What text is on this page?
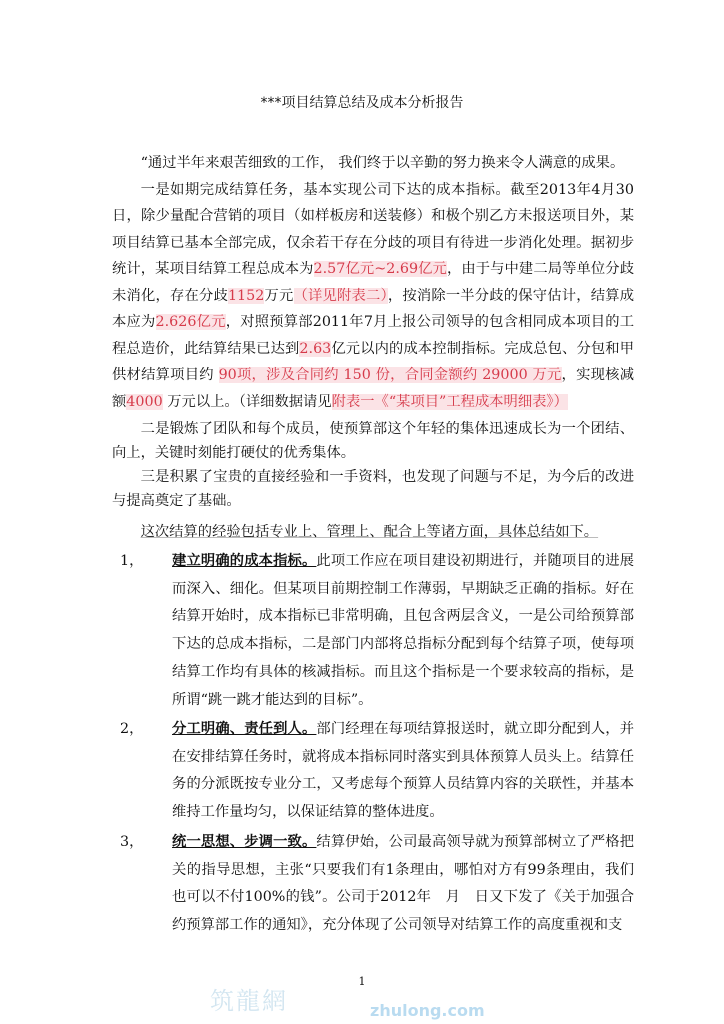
***项目结算总结及成本分析报告

“通过半年来艰苦细致的工作， 我们终于以辛勤的努力换来令人满意的成果。

一是如期完成结算任务，基本实现公司下达的成本指标。截至2013年4月30日，除少量配合营销的项目（如样板房和送装修）和极个别乙方未报送项目外，某项目结算已基本全部完成，仅余若干存在分歧的项目有待进一步消化处理。据初步统计，某项目结算工程总成本为2.57亿元~2.69亿元，由于与中建二局等单位分歧未消化，存在分歧1152万元（详见附表二），按消除一半分歧的保守估计，结算成本应为2.626亿元，对照预算部2011年7月上报公司领导的包含相同成本项目的工程总造价，此结算结果已达到2.63亿元以内的成本控制指标。完成总包、分包和甲供材结算项目约 90项，涉及合同约 150 份，合同金额约 29000 万元，实现核减额4000 万元以上。（详细数据请见附表一《“某项目”工程成本明细表》）

二是锻炼了团队和每个成员，使预算部这个年轻的集体迅速成长为一个团结、向上，关键时刻能打硬仗的优秀集体。

三是积累了宝贵的直接经验和一手资料，也发现了问题与不足，为今后的改进与提高奠定了基础。

这次结算的经验包括专业上、管理上、配合上等诸方面，具体总结如下。

1， 建立明确的成本指标。此项工作应在项目建设初期进行，并随项目的进展而深入、细化。但某项目前期控制工作薄弱，早期缺乏正确的指标。好在结算开始时，成本指标已非常明确，且包含两层含义，一是公司给预算部下达的总成本指标，二是部门内部将总指标分配到每个结算子项，使每项结算工作均有具体的核减指标。而且这个指标是一个要求较高的指标，是所谓“跳一跳才能达到的目标”。
2， 分工明确、责任到人。部门经理在每项结算报送时，就立即分配到人，并在安排结算任务时，就将成本指标同时落实到具体预算人员头上。结算任务的分派既按专业分工，又考虑每个预算人员结算内容的关联性，并基本维持工作量均匀，以保证结算的整体进度。
3， 统一思想、步调一致。结算伊始，公司最高领导就为预算部树立了严格把关的指导思想，主张“只要我们有1条理由，哪怕对方有99条理由，我们也可以不付100%的钱”。公司于2012年　月　日又下发了《关于加强合约预算部工作的通知》，充分体现了公司领导对结算工作的高度重视和支
1
筑龍網	zhulong.com
